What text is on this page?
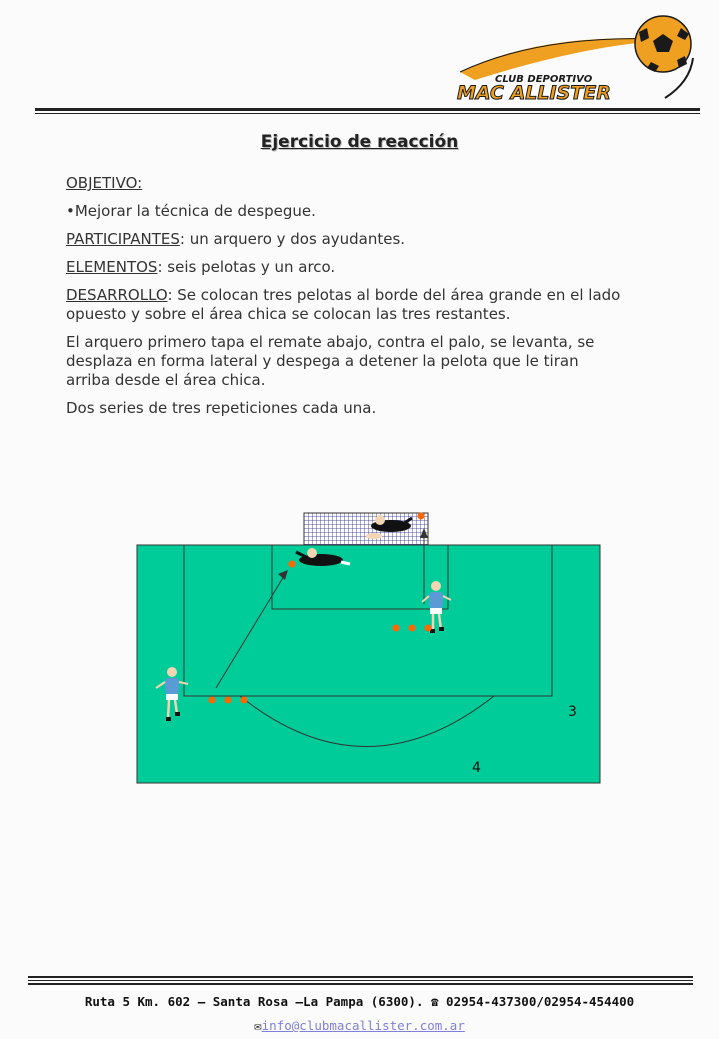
CLUB DEPORTIVO
MAC ALLISTER
Ejercicio de reacción

OBJETIVO:

•Mejorar la técnica de despegue.

PARTICIPANTES: un arquero y dos ayudantes.

ELEMENTOS: seis pelotas y un arco.

DESARROLLO: Se colocan tres pelotas al borde del área grande en el lado opuesto y sobre el área chica se colocan las tres restantes.

El arquero primero tapa el remate abajo, contra el palo, se levanta, se desplaza en forma lateral y despega a detener la pelota que le tiran arriba desde el área chica.

Dos series de tres repeticiones cada una.

3
4
Ruta 5 Km. 602 – Santa Rosa –La Pampa (6300). ☎ 02954-437300/02954-454400
✉info@clubmacallister.com.ar
